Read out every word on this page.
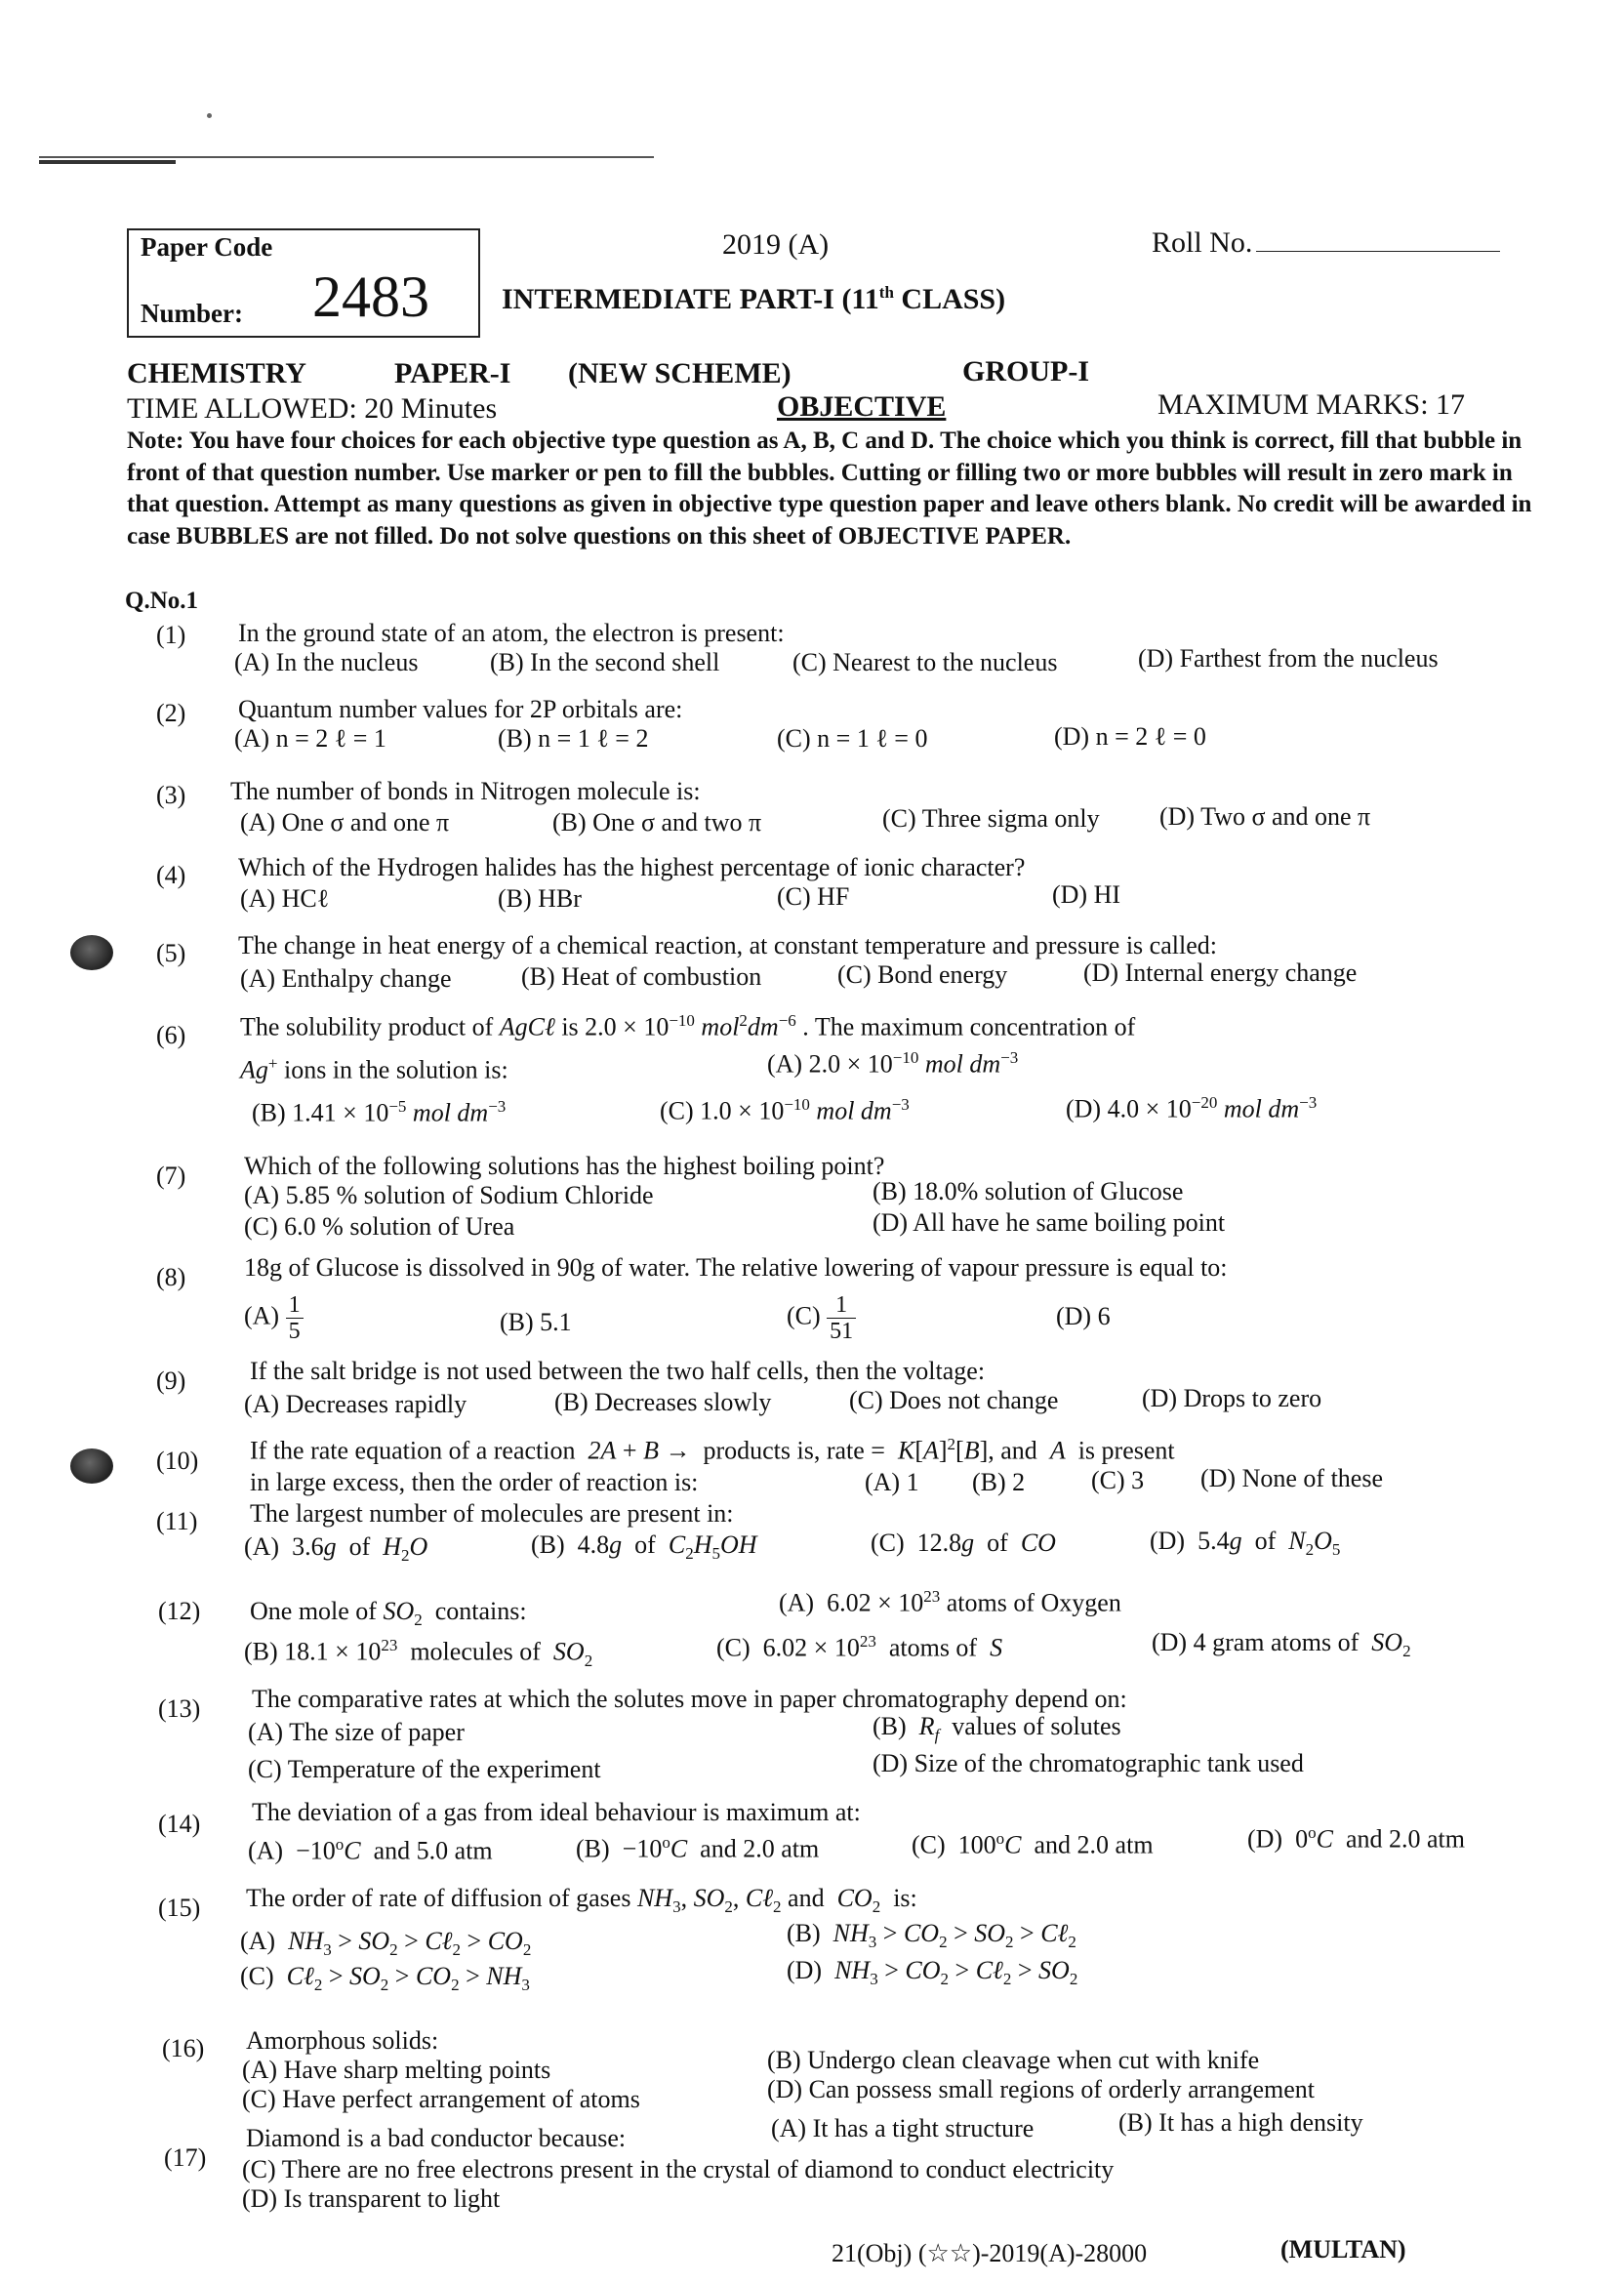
Paper Code
Number: 2483
2019 (A)	Roll No.
INTERMEDIATE PART-I (11th CLASS)
CHEMISTRY	PAPER-I (NEW SCHEME)	GROUP-I
TIME ALLOWED: 20 Minutes	OBJECTIVE	MAXIMUM MARKS: 17
Note: You have four choices for each objective type question as A, B, C and D. The choice which you think is correct, fill that bubble in front of that question number. Use marker or pen to fill the bubbles. Cutting or filling two or more bubbles will result in zero mark in that question. Attempt as many questions as given in objective type question paper and leave others blank. No credit will be awarded in case BUBBLES are not filled. Do not solve questions on this sheet of OBJECTIVE PAPER.
Q.No.1
(1) In the ground state of an atom, the electron is present:
(A) In the nucleus	(B) In the second shell	(C) Nearest to the nucleus	(D) Farthest from the nucleus
(2) Quantum number values for 2P orbitals are:
(A) n = 2 ℓ = 1	(B) n = 1 ℓ = 2	(C) n = 1 ℓ = 0	(D) n = 2 ℓ = 0
(3) The number of bonds in Nitrogen molecule is:
(A) One σ and one π	(B) One σ and two π	(C) Three sigma only (D) Two σ and one π
(4) Which of the Hydrogen halides has the highest percentage of ionic character?
(A) HCℓ	(B) HBr	(C) HF	(D) HI
(5) The change in heat energy of a chemical reaction, at constant temperature and pressure is called:
(A) Enthalpy change	(B) Heat of combustion	(C) Bond energy	(D) Internal energy change
(6) The solubility product of AgCℓ is $2.0 \times 10^{-10}$ $mol^2dm^{-6}$ . The maximum concentration of
Ag+ ions in the solution is:	(A) $2.0 \times 10^{-10}$ mol $dm^{-3}$
(B) $1.41 \times 10^{-5}$ mol $dm^{-3}$	(C) $1.0 \times 10^{-10}$ mol $dm^{-3}$	(D) $4.0 \times 10^{-20}$ mol $dm^{-3}$
(7) Which of the following solutions has the highest boiling point?
(A) 5.85 % solution of Sodium Chloride	(B) 18.0% solution of Glucose
(C) 6.0 % solution of Urea	(D) All have he same boiling point
(8) 18g of Glucose is dissolved in 90g of water. The relative lowering of vapour pressure is equal to:
$(A) \frac{1}{5}$	(B) 5.1	$(C) \frac{1}{51}$	(D) 6
(9)	If the salt bridge is not used between the two half cells, then the voltage:
(A) Decreases rapidly	(B) Decreases slowly	(C) Does not change	(D) Drops to zero
(10) If the rate equation of a reaction  2A + B →  products is, rate =  $K[A]^2[B]$, and  A  is present
in large excess, then the order of reaction is:	(A) 1 (B) 2	(C) 3 (D) None of these
(11) The largest number of molecules are present in:
(A)  3.6g  of  $H_2O$	(B)  4.8g  of  $C_2H_5OH$	(C)  12.8g  of  CO	(D)  5.4g  of  $N_2O_5$
(12) One mole of $SO_2$  contains:	(A)  $6.02 \times 10^{23}$ atoms of Oxygen
(B) $18.1 \times 10^{23}$  molecules of  $SO_2$	(C)  $6.02 \times 10^{23}$  atoms of  S	(D) 4 gram atoms of  $SO_2$
(13) The comparative rates at which the solutes move in paper chromatography depend on:
(A) The size of paper	(B)  $R_f$  values of solutes
(C) Temperature of the experiment	(D) Size of the chromatographic tank used
(14) The deviation of a gas from ideal behaviour is maximum at:
$(A) -10^oC$  and 5.0 atm	$(B) -10^oC$  and 2.0 atm	(C)  100$^o$C  and 2.0 atm	(D)  0$^o$C  and 2.0 atm
(15) The order of rate of diffusion of gases $NH_3$, $SO_2$, Cℓ$_2$ and  $CO_2$  is:
(A)  $NH_3 > SO_2$ > Cℓ$_2$ > $CO_2$
(B)  $NH_3 > CO_2 > SO_2$ > Cℓ$_2$
(C)  Cℓ$_2$ > $SO_2 > CO_2 > NH_3$
(D)  $NH_3 > CO_2$ > Cℓ$_2$ > $SO_2$
(16) Amorphous solids:
(A) Have sharp melting points	(B) Undergo clean cleavage when cut with knife
(C) Have perfect arrangement of atoms	(D) Can possess small regions of orderly arrangement
(17)
Diamond is a bad conductor because:	(A) It has a tight structure	(B) It has a high density
(C) There are no free electrons present in the crystal of diamond to conduct electricity
(D) Is transparent to light
21(Obj) (☆☆)-2019(A)-28000	(MULTAN)
